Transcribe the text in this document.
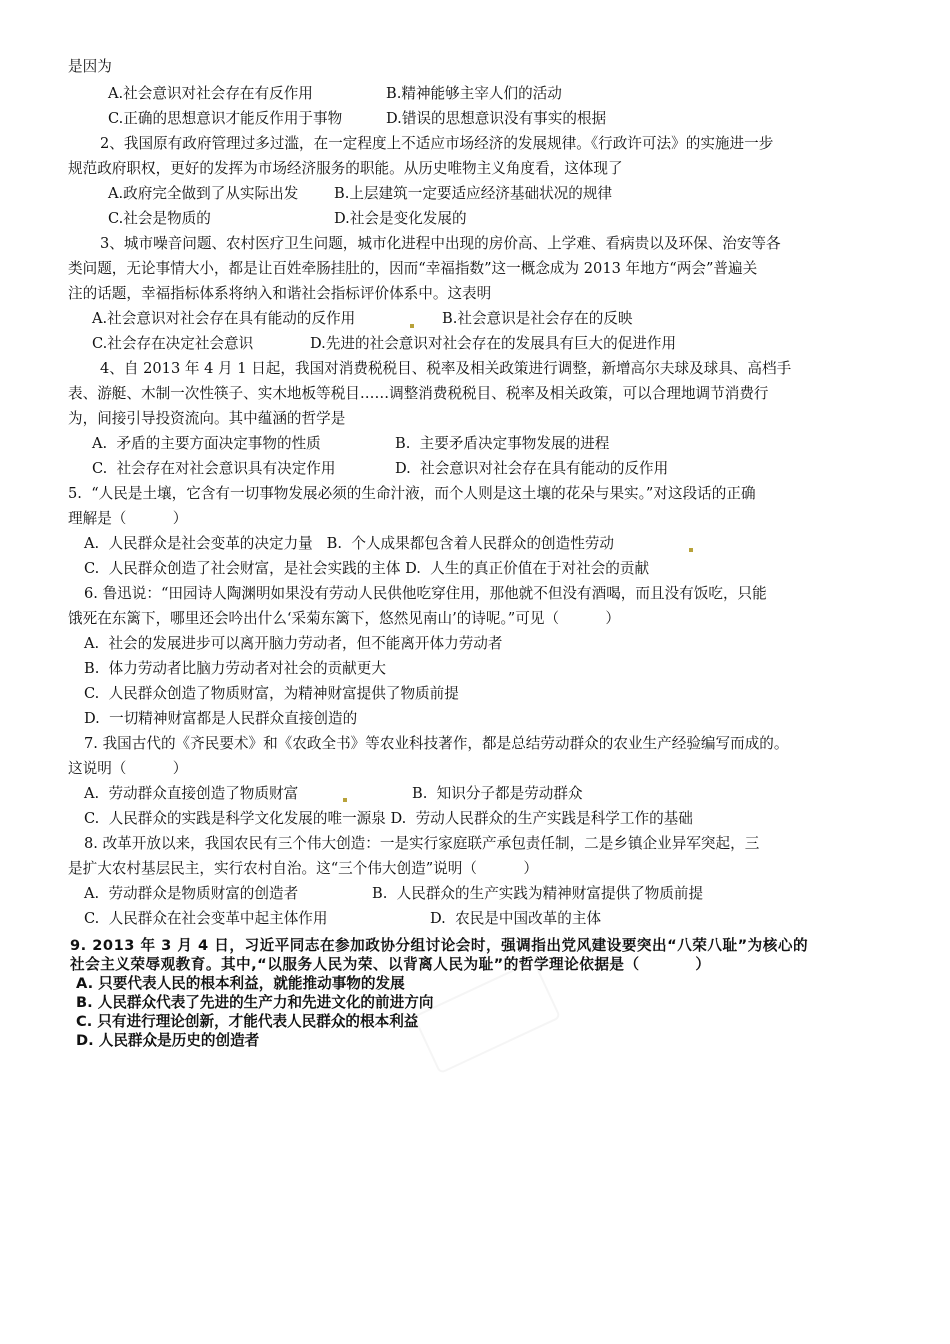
是因为
A.社会意识对社会存在有反作用	B.精神能够主宰人们的活动
C.正确的思想意识才能反作用于事物	D.错误的思想意识没有事实的根据
2、我国原有政府管理过多过滥，在一定程度上不适应市场经济的发展规律。《行政许可法》的实施进一步
规范政府职权，更好的发挥为市场经济服务的职能。从历史唯物主义角度看，这体现了
A.政府完全做到了从实际出发 B.上层建筑一定要适应经济基础状况的规律
C.社会是物质的	D.社会是变化发展的
3、城市噪音问题、农村医疗卫生问题，城市化进程中出现的房价高、上学难、看病贵以及环保、治安等各
类问题，无论事情大小，都是让百姓牵肠挂肚的，因而“幸福指数”这一概念成为 2013 年地方“两会”普遍关
注的话题，幸福指标体系将纳入和谐社会指标评价体系中。这表明
A.社会意识对社会存在具有能动的反作用	B.社会意识是社会存在的反映
C.社会存在决定社会意识	D.先进的社会意识对社会存在的发展具有巨大的促进作用
4、自 2013 年 4 月 1 日起，我国对消费税税目、税率及相关政策进行调整，新增高尔夫球及球具、高档手
表、游艇、木制一次性筷子、实木地板等税目……调整消费税税目、税率及相关政策，可以合理地调节消费行
为，间接引导投资流向。其中蕴涵的哲学是
A.  矛盾的主要方面决定事物的性质	B.  主要矛盾决定事物发展的进程
C.  社会存在对社会意识具有决定作用	D.  社会意识对社会存在具有能动的反作用
5.  “人民是土壤，它含有一切事物发展必须的生命汁液，而个人则是这土壤的花朵与果实。”对这段话的正确
理解是（          ）
A.  人民群众是社会变革的决定力量   B.  个人成果都包含着人民群众的创造性劳动
C.  人民群众创造了社会财富，是社会实践的主体 D.  人生的真正价值在于对社会的贡献
6. 鲁迅说：“田园诗人陶渊明如果没有劳动人民供他吃穿住用，那他就不但没有酒喝，而且没有饭吃，只能
饿死在东篱下，哪里还会吟出什么‘采菊东篱下，悠然见南山’的诗呢。”可见（          ）
A.  社会的发展进步可以离开脑力劳动者，但不能离开体力劳动者
B.  体力劳动者比脑力劳动者对社会的贡献更大
C.  人民群众创造了物质财富，为精神财富提供了物质前提
D.  一切精神财富都是人民群众直接创造的
7. 我国古代的《齐民要术》和《农政全书》等农业科技著作，都是总结劳动群众的农业生产经验编写而成的。
这说明（          ）
A.  劳动群众直接创造了物质财富	B.  知识分子都是劳动群众
C.  人民群众的实践是科学文化发展的唯一源泉 D.  劳动人民群众的生产实践是科学工作的基础
8. 改革开放以来，我国农民有三个伟大创造：一是实行家庭联产承包责任制，二是乡镇企业异军突起，三
是扩大农村基层民主，实行农村自治。这“三个伟大创造”说明（          ）
A.  劳动群众是物质财富的创造者	B.  人民群众的生产实践为精神财富提供了物质前提
C.  人民群众在社会变革中起主体作用	D.  农民是中国改革的主体
9. 2013 年 3 月 4 日，习近平同志在参加政协分组讨论会时，强调指出党风建设要突出“八荣八耻”为核心的
社会主义荣辱观教育。其中,“以服务人民为荣、以背离人民为耻”的哲学理论依据是（          ）
A. 只要代表人民的根本利益，就能推动事物的发展
B. 人民群众代表了先进的生产力和先进文化的前进方向
C. 只有进行理论创新，才能代表人民群众的根本利益
D. 人民群众是历史的创造者
